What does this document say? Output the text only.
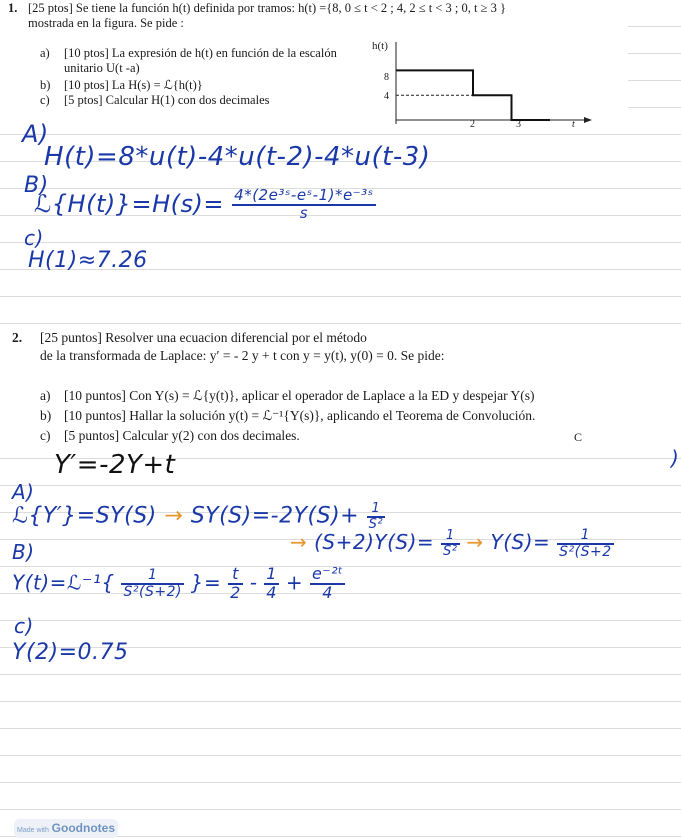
1. [25 ptos] Se tiene la función h(t) definida por tramos: h(t) ={8, 0 ≤ t < 2 ; 4, 2 ≤ t < 3 ; 0, t ≥ 3 }
mostrada en la figura. Se pide :
a) [10 ptos] La expresión de h(t) en función de la escalón
unitario U(t -a)
b) [10 ptos] La H(s) = ℒ{h(t)}
c) [5 ptos] Calcular H(1) con dos decimales
h(t)
8
4
2	3	t
A)
H(t)=8*u(t)-4*u(t-2)-4*u(t-3)
B)
ℒ{H(t)}=H(s)= $\frac{\text{4*(2e³ˢ-eˢ-1)*e⁻³ˢ}}{s}$
c)
H(1)≈7.26
2. [25 puntos] Resolver una ecuacion diferencial por el método
de la transformada de Laplace: y′ = - 2 y + t con y = y(t), y(0) = 0. Se pide:
a) [10 puntos] Con Y(s) = ℒ{y(t)}, aplicar el operador de Laplace a la ED y despejar Y(s)
b) [10 puntos] Hallar la solución y(t) = ℒ⁻¹{Y(s)}, aplicando el Teorema de Convolución.
c) [5 puntos] Calcular y(2) con dos decimales.	C
)
Y′=-2Y+t
A)
ℒ{Y′}=SY(S) → $SY(S)=-2Y(S)+ \frac{1}{\text{S²}}$
→ $(S+2)Y(S)= \frac{1}{\text{S²}} \to Y(S)= \frac{1}{\text{S²(S+2}}$
B)
Y(t)=ℒ⁻¹{ $\frac{1}{\text{S²(S+2)}}$ }= $\frac{t}{2} - \frac{1}{4} + \frac{\text{e⁻²ᵗ}}{4}$
c)
Y(2)=0.75
Made with Goodnotes
